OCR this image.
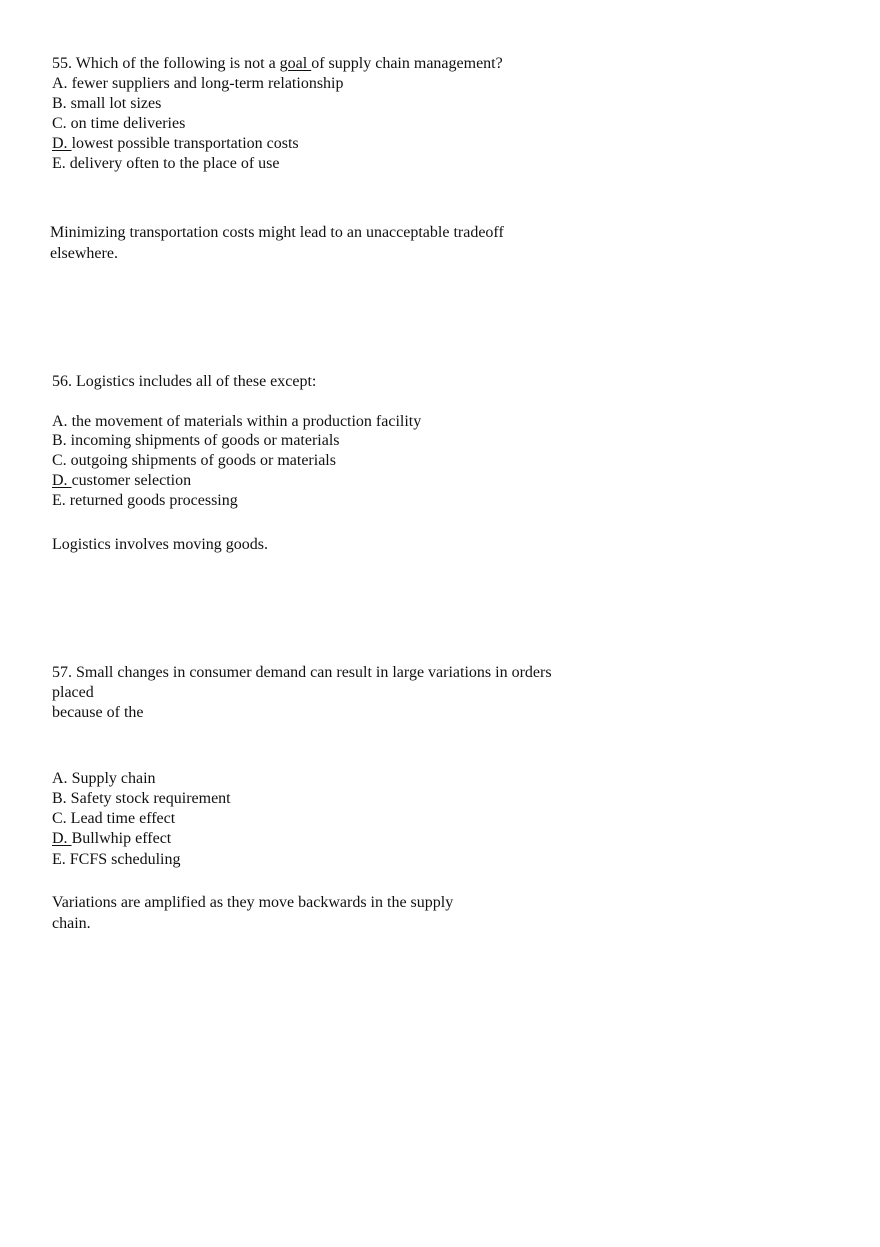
55. Which of the following is not a goal of supply chain management?
A. fewer suppliers and long-term relationship
B. small lot sizes
C. on time deliveries
D. lowest possible transportation costs
E. delivery often to the place of use
Minimizing transportation costs might lead to an unacceptable tradeoff
elsewhere.
56. Logistics includes all of these except:
A. the movement of materials within a production facility
B. incoming shipments of goods or materials
C. outgoing shipments of goods or materials
D. customer selection
E. returned goods processing
Logistics involves moving goods.
57. Small changes in consumer demand can result in large variations in orders
placed
because of the
A. Supply chain
B. Safety stock requirement
C. Lead time effect
D. Bullwhip effect
E. FCFS scheduling
Variations are amplified as they move backwards in the supply
chain.
